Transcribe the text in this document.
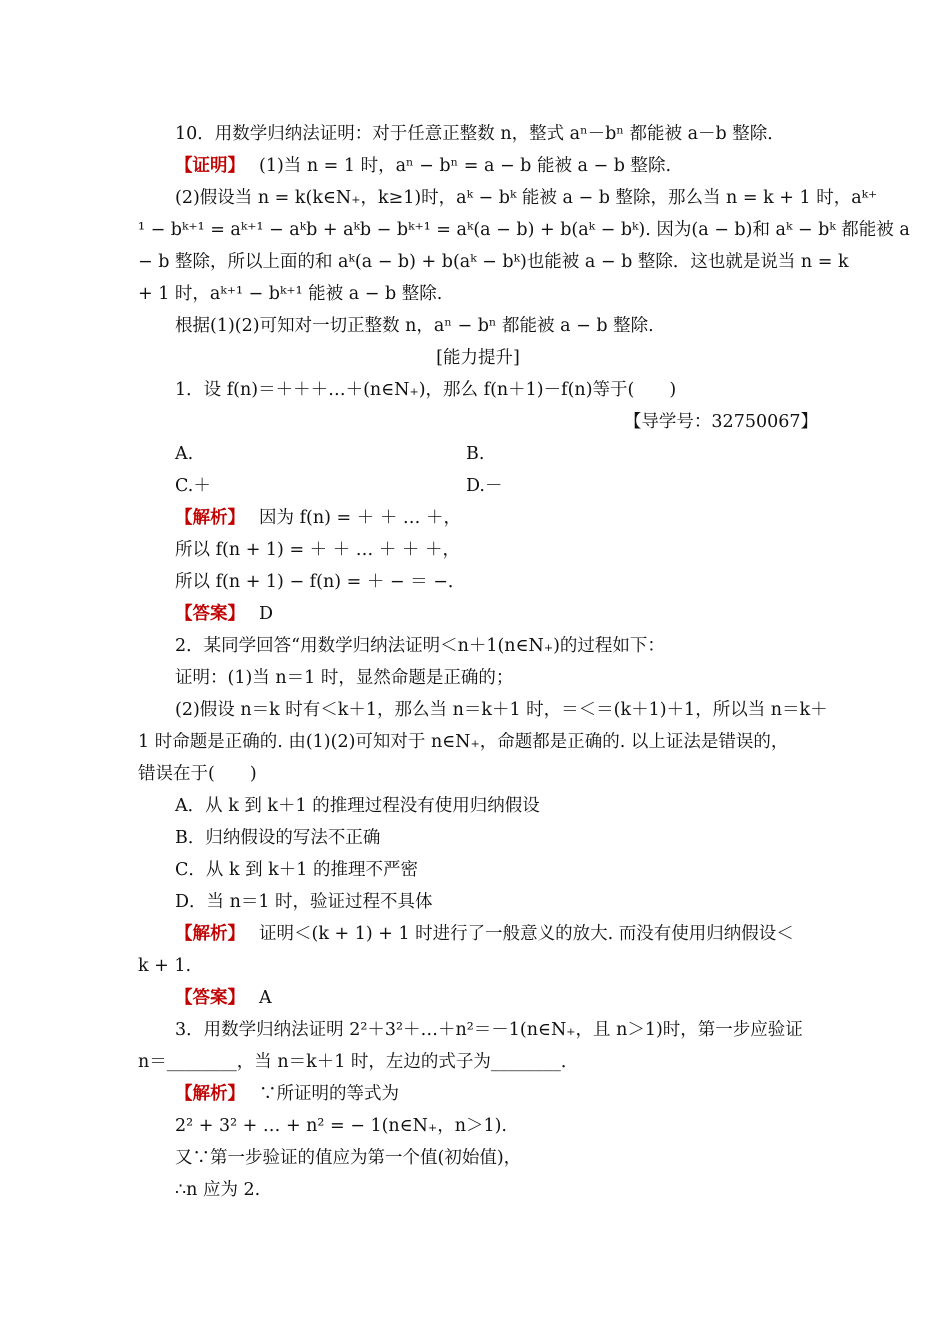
10．用数学归纳法证明：对于任意正整数 n，整式 aⁿ－bⁿ 都能被 a－b 整除．
【证明】 (1)当 n = 1 时，aⁿ − bⁿ = a − b 能被 a − b 整除.
(2)假设当 n = k(k∈N₊，k≥1)时，aᵏ − bᵏ 能被 a − b 整除，那么当 n = k + 1 时，aᵏ⁺
¹ − bᵏ⁺¹ = aᵏ⁺¹ − aᵏb + aᵏb − bᵏ⁺¹ = aᵏ(a − b) + b(aᵏ − bᵏ). 因为(a − b)和 aᵏ − bᵏ 都能被 a
− b 整除，所以上面的和 aᵏ(a − b) + b(aᵏ − bᵏ)也能被 a − b 整除．这也就是说当 n = k
+ 1 时，aᵏ⁺¹ − bᵏ⁺¹ 能被 a − b 整除.
根据(1)(2)可知对一切正整数 n，aⁿ − bⁿ 都能被 a − b 整除.
[能力提升]
1．设 f(n)＝＋＋＋…＋(n∈N₊)，那么 f(n＋1)－f(n)等于(　　)
【导学号：32750067】
A.	B.
C.＋	D.－
【解析】 因为 f(n) = ＋ ＋ … ＋，
所以 f(n + 1) = ＋ ＋ … ＋ ＋ ＋，
所以 f(n + 1) − f(n) = ＋ − ＝ −．
【答案】 D
2．某同学回答“用数学归纳法证明＜n＋1(n∈N₊)的过程如下：
证明：(1)当 n＝1 时，显然命题是正确的；
(2)假设 n＝k 时有＜k＋1，那么当 n＝k＋1 时，＝＜＝(k＋1)＋1，所以当 n＝k＋
1 时命题是正确的. 由(1)(2)可知对于 n∈N₊，命题都是正确的. 以上证法是错误的，
错误在于(　　)
A．从 k 到 k＋1 的推理过程没有使用归纳假设
B．归纳假设的写法不正确
C．从 k 到 k＋1 的推理不严密
D．当 n＝1 时，验证过程不具体
【解析】 证明＜(k + 1) + 1 时进行了一般意义的放大. 而没有使用归纳假设＜
k + 1.
【答案】 A
3．用数学归纳法证明 2²＋3²＋…＋n²＝－1(n∈N₊，且 n＞1)时，第一步应验证
n＝________，当 n＝k＋1 时，左边的式子为________．
【解析】 ∵所证明的等式为
2² + 3² + … + n² = − 1(n∈N₊，n＞1).
又∵第一步验证的值应为第一个值(初始值)，
∴n 应为 2.
